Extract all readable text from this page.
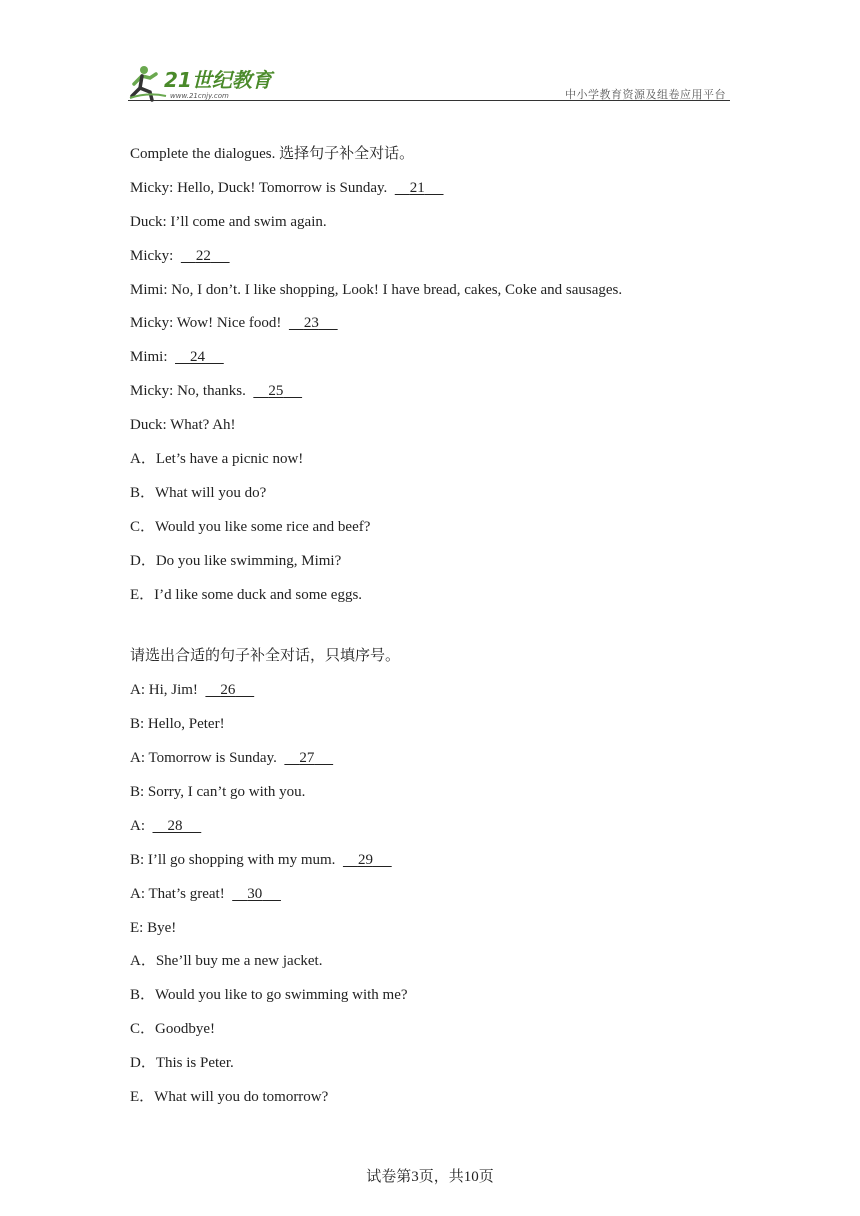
21世纪教育
www.21cnjy.com	中小学教育资源及组卷应用平台
Complete the dialogues. 选择句子补全对话。
Micky: Hello, Duck! Tomorrow is Sunday.      21
Duck: I’ll come and swim again.
Micky:      22
Mimi: No, I don’t. I like shopping, Look! I have bread, cakes, Coke and sausages.
Micky: Wow! Nice food!      23
Mimi:      24
Micky: No, thanks.      25
Duck: What? Ah!
A．Let’s have a picnic now!
B．What will you do?
C．Would you like some rice and beef?
D．Do you like swimming, Mimi?
E．I’d like some duck and some eggs.
请选出合适的句子补全对话，只填序号。
A: Hi, Jim!      26
B: Hello, Peter!
A: Tomorrow is Sunday.      27
B: Sorry, I can’t go with you.
A:      28
B: I’ll go shopping with my mum.      29
A: That’s great!      30
E: Bye!
A．She’ll buy me a new jacket.
B．Would you like to go swimming with me?
C．Goodbye!
D．This is Peter.
E．What will you do tomorrow?
试卷第3页，共10页
